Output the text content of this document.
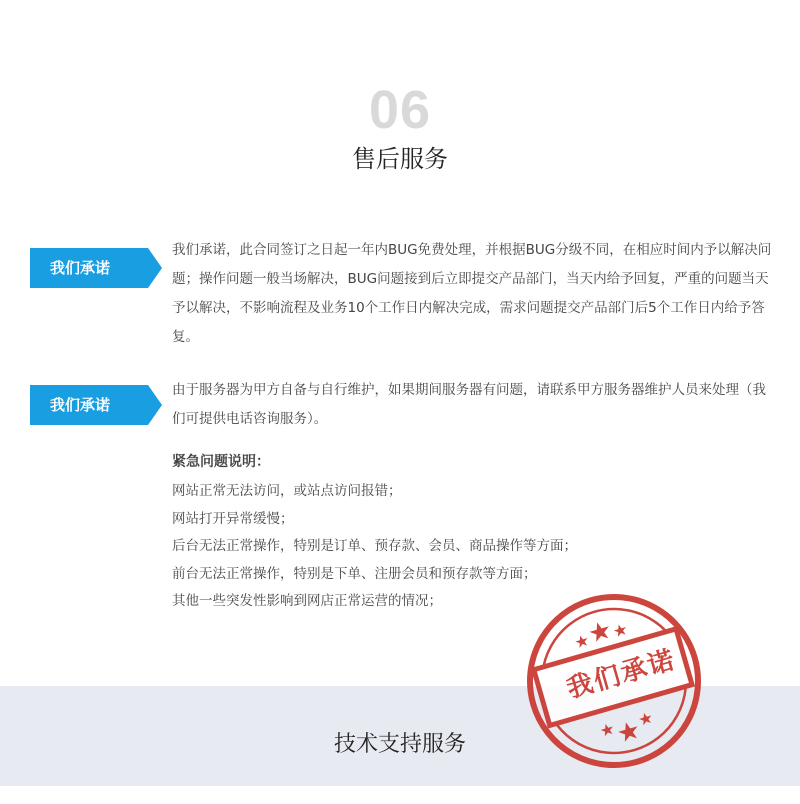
06
售后服务
我们承诺
我们承诺，此合同签订之日起一年内BUG免费处理，并根据BUG分级不同，在相应时间内予以解决问题；操作问题一般当场解决，BUG问题接到后立即提交产品部门，当天内给予回复，严重的问题当天予以解决，不影响流程及业务10个工作日内解决完成，需求问题提交产品部门后5个工作日内给予答复。
我们承诺
由于服务器为甲方自备与自行维护，如果期间服务器有问题，请联系甲方服务器维护人员来处理（我们可提供电话咨询服务）。
紧急问题说明：
网站正常无法访问，或站点访问报错；
网站打开异常缓慢；
后台无法正常操作，特别是订单、预存款、会员、商品操作等方面；
前台无法正常操作，特别是下单、注册会员和预存款等方面；
其他一些突发性影响到网店正常运营的情况；
技术支持服务
我们承诺
